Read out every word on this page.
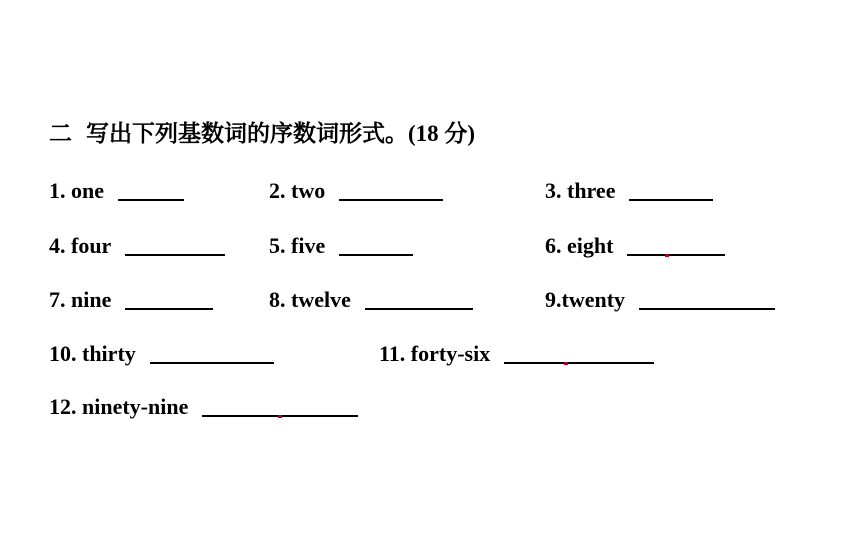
二 写出下列基数词的序数词形式。(18 分)
1. one	2. two	3. three
4. four	5. five	6. eight
7. nine	8. twelve	9.twenty
10. thirty	11. forty-six
12. ninety-nine
